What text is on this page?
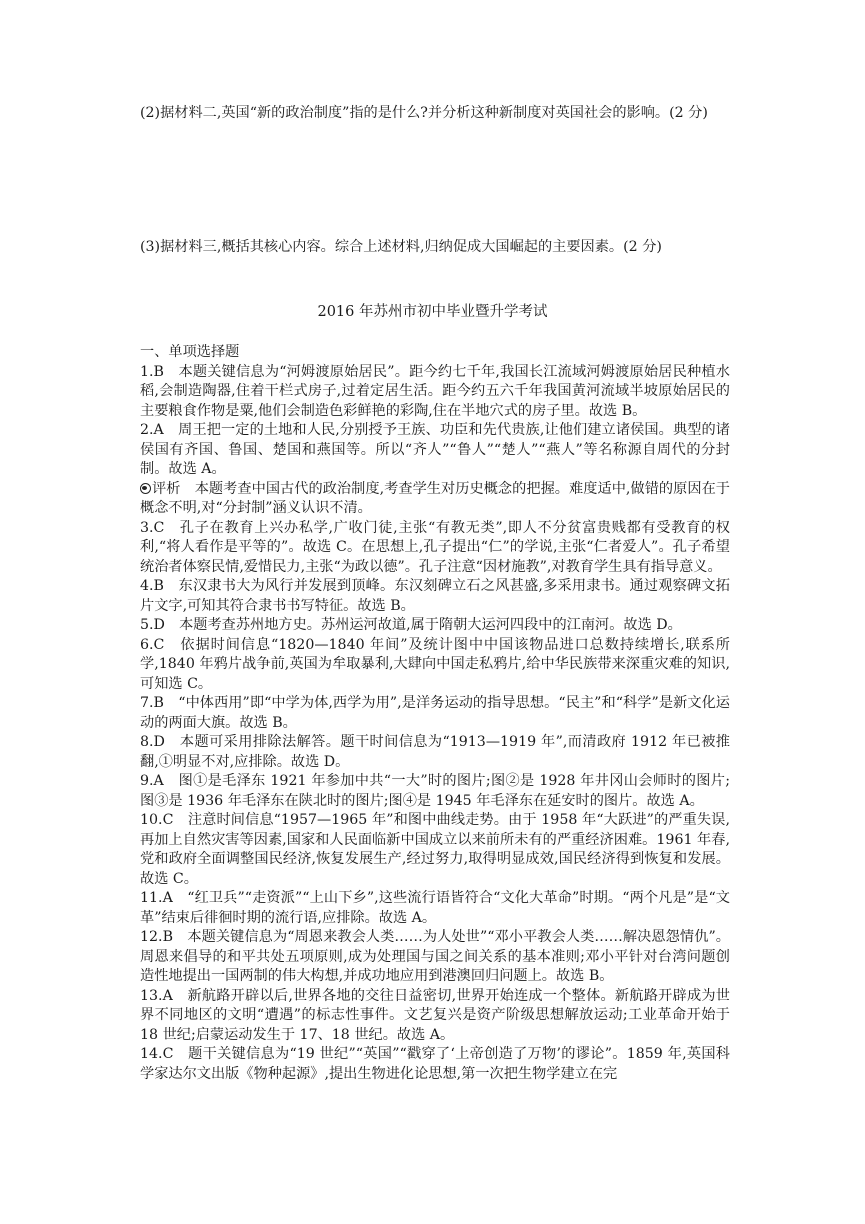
(2)据材料二,英国“新的政治制度”指的是什么?并分析这种新制度对英国社会的影响。(2 分)
(3)据材料三,概括其核心内容。综合上述材料,归纳促成大国崛起的主要因素。(2 分)
2016 年苏州市初中毕业暨升学考试

一、单项选择题

1.B　本题关键信息为“河姆渡原始居民”。距今约七千年,我国长江流域河姆渡原始居民种植水稻,会制造陶器,住着干栏式房子,过着定居生活。距今约五六千年我国黄河流域半坡原始居民的主要粮食作物是粟,他们会制造色彩鲜艳的彩陶,住在半地穴式的房子里。故选 B。

2.A　周王把一定的土地和人民,分别授予王族、功臣和先代贵族,让他们建立诸侯国。典型的诸侯国有齐国、鲁国、楚国和燕国等。所以“齐人”“鲁人”“楚人”“燕人”等名称源自周代的分封制。故选 A。

评析　本题考查中国古代的政治制度,考查学生对历史概念的把握。难度适中,做错的原因在于概念不明,对“分封制”涵义认识不清。

3.C　孔子在教育上兴办私学,广收门徒,主张“有教无类”,即人不分贫富贵贱都有受教育的权利,“将人看作是平等的”。故选 C。在思想上,孔子提出“仁”的学说,主张“仁者爱人”。孔子希望统治者体察民情,爱惜民力,主张“为政以德”。孔子注意“因材施教”,对教育学生具有指导意义。

4.B　东汉隶书大为风行并发展到顶峰。东汉刻碑立石之风甚盛,多采用隶书。通过观察碑文拓片文字,可知其符合隶书书写特征。故选 B。

5.D　本题考查苏州地方史。苏州运河故道,属于隋朝大运河四段中的江南河。故选 D。

6.C　依据时间信息“1820—1840 年间”及统计图中中国该物品进口总数持续增长,联系所学,1840 年鸦片战争前,英国为牟取暴利,大肆向中国走私鸦片,给中华民族带来深重灾难的知识,可知选 C。

7.B　“中体西用”即“中学为体,西学为用”,是洋务运动的指导思想。“民主”和“科学”是新文化运动的两面大旗。故选 B。

8.D　本题可采用排除法解答。题干时间信息为“1913—1919 年”,而清政府 1912 年已被推翻,①明显不对,应排除。故选 D。

9.A　图①是毛泽东 1921 年参加中共“一大”时的图片;图②是 1928 年井冈山会师时的图片;图③是 1936 年毛泽东在陕北时的图片;图④是 1945 年毛泽东在延安时的图片。故选 A。

10.C　注意时间信息“1957—1965 年”和图中曲线走势。由于 1958 年“大跃进”的严重失误,再加上自然灾害等因素,国家和人民面临新中国成立以来前所未有的严重经济困难。1961 年春,党和政府全面调整国民经济,恢复发展生产,经过努力,取得明显成效,国民经济得到恢复和发展。故选 C。

11.A　“红卫兵”“走资派”“上山下乡”,这些流行语皆符合“文化大革命”时期。“两个凡是”是“文革”结束后徘徊时期的流行语,应排除。故选 A。

12.B　本题关键信息为“周恩来教会人类……为人处世”“邓小平教会人类……解决恩怨情仇”。周恩来倡导的和平共处五项原则,成为处理国与国之间关系的基本准则;邓小平针对台湾问题创造性地提出一国两制的伟大构想,并成功地应用到港澳回归问题上。故选 B。

13.A　新航路开辟以后,世界各地的交往日益密切,世界开始连成一个整体。新航路开辟成为世界不同地区的文明“遭遇”的标志性事件。文艺复兴是资产阶级思想解放运动;工业革命开始于 18 世纪;启蒙运动发生于 17、18 世纪。故选 A。

14.C　题干关键信息为“19 世纪”“英国”“戳穿了‘上帝创造了万物’的谬论”。1859 年,英国科学家达尔文出版《物种起源》,提出生物进化论思想,第一次把生物学建立在完
